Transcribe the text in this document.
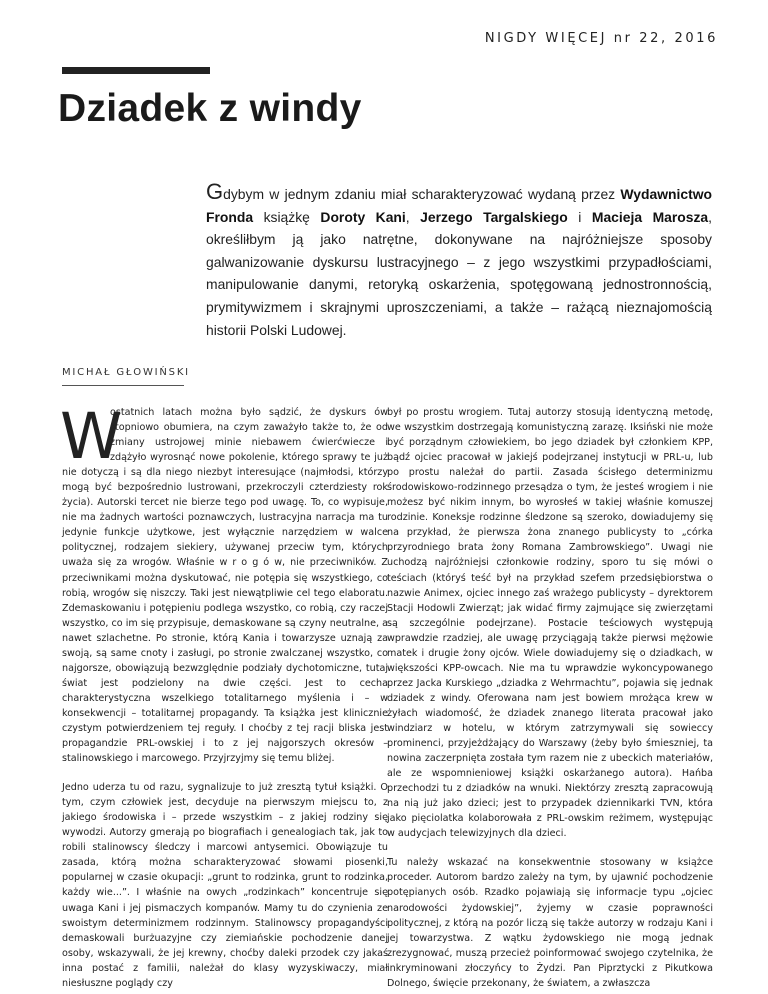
NIGDY WIĘCEJ nr 22, 2016
Dziadek z windy

Gdybym w jednym zdaniu miał scharakteryzować wydaną przez Wydawnictwo Fronda książkę Doroty Kani, Jerzego Targalskiego i Macieja Marosza, określiłbym ją jako natrętne, dokonywane na najróżniejsze sposoby galwanizowanie dyskursu lustracyjnego – z jego wszystkimi przypadłościami, manipulowanie danymi, retoryką oskarżenia, spotęgowaną jednostronnością, prymitywizmem i skrajnymi uproszczeniami, a także – rażącą nieznajomością historii Polski Ludowej.

MICHAŁ GŁOWIŃSKI

W
ostatnich latach można było sądzić, że dyskurs ów stopniowo obumiera, na czym zaważyło także to, że od zmiany ustrojowej minie niebawem ćwierćwiecze i zdążyło wyrosnąć nowe pokolenie, którego sprawy te już nie dotyczą i są dla niego niezbyt interesujące (najmłodsi, którzy mogą być bezpośrednio lustrowani, przekroczyli czterdziesty rok życia). Autorski tercet nie bierze tego pod uwagę. To, co wypisuje, nie ma żadnych wartości poznawczych, lustracyjna narracja ma tu jedynie funkcje użytkowe, jest wyłącznie narzędziem w walce politycznej, rodzajem siekiery, używanej przeciw tym, których uważa się za wrogów. Właśnie w r o g ó w, nie przeciwników. Z przeciwnikami można dyskutować, nie potępia się wszystkiego, co robią, wrogów się niszczy. Taki jest niewątpliwie cel tego elaboratu. Zdemaskowaniu i potępieniu podlega wszystko, co robią, czy raczej wszystko, co im się przypisuje, demaskowane są czyny neutralne, a nawet szlachetne. Po stronie, którą Kania i towarzysze uznają za swoją, są same cnoty i zasługi, po stronie zwalczanej wszystko, co najgorsze, obowiązują bezwzględnie podziały dychotomiczne, tutaj świat jest podzielony na dwie części. Jest to cecha charakterystyczna wszelkiego totalitarnego myślenia i – w konsekwencji – totalitarnej propagandy. Ta książka jest klinicznie czystym potwierdzeniem tej reguły. I choćby z tej racji bliska jest propagandzie PRL-owskiej i to z jej najgorszych okresów – stalinowskiego i marcowego. Przyjrzyjmy się temu bliżej.

Jedno uderza tu od razu, sygnalizuje to już zresztą tytuł książki. O tym, czym człowiek jest, decyduje na pierwszym miejscu to, z jakiego środowiska i – przede wszystkim – z jakiej rodziny się wywodzi. Autorzy gmerają po biografiach i genealogiach tak, jak to robili stalinowscy śledczy i marcowi antysemici. Obowiązuje tu zasada, którą można scharakteryzować słowami piosenki, popularnej w czasie okupacji: „grunt to rodzinka, grunt to rodzinka, każdy wie...”. I właśnie na owych „rodzinkach” koncentruje się uwaga Kani i jej pismaczych kompanów. Mamy tu do czynienia ze swoistym determinizmem rodzinnym. Stalinowscy propagandyści demaskowali burżuazyjne czy ziemiańskie pochodzenie danej osoby, wskazywali, że jej krewny, choćby daleki przodek czy jakaś inna postać z familii, należał do klasy wyzyskiwaczy, miał niesłuszne poglądy czy

był po prostu wrogiem. Tutaj autorzy stosują identyczną metodę, we wszystkim dostrzegają komunistyczną zarazę. Iksiński nie może być porządnym człowiekiem, bo jego dziadek był członkiem KPP, bądź ojciec pracował w jakiejś podejrzanej instytucji w PRL-u, lub po prostu należał do partii. Zasada ścisłego determinizmu środowiskowo-rodzinnego przesądza o tym, że jesteś wrogiem i nie możesz być nikim innym, bo wyrosłeś w takiej właśnie komuszej rodzinie. Koneksje rodzinne śledzone są szeroko, dowiadujemy się na przykład, że pierwsza żona znanego publicysty to „córka przyrodniego brata żony Romana Zambrowskiego”. Uwagi nie uchodzą najróżniejsi członkowie rodziny, sporo tu się mówi o teściach (któryś teść był na przykład szefem przedsiębiorstwa o nazwie Animex, ojciec innego zaś wrażego publicysty – dyrektorem Stacji Hodowli Zwierząt; jak widać firmy zajmujące się zwierzętami są szczególnie podejrzane). Postacie teściowych występują wprawdzie rzadziej, ale uwagę przyciągają także pierwsi mężowie matek i drugie żony ojców. Wiele dowiadujemy się o dziadkach, w większości KPP-owcach. Nie ma tu wprawdzie wykoncypowanego przez Jacka Kurskiego „dziadka z Wehrmachtu”, pojawia się jednak dziadek z windy. Oferowana nam jest bowiem mrożąca krew w żyłach wiadomość, że dziadek znanego literata pracował jako windziarz w hotelu, w którym zatrzymywali się sowieccy prominenci, przyjeżdżający do Warszawy (żeby było śmieszniej, ta nowina zaczerpnięta została tym razem nie z ubeckich materiałów, ale ze wspomnieniowej książki oskarżanego autora). Hańba przechodzi tu z dziadków na wnuki. Niektórzy zresztą zapracowują na nią już jako dzieci; jest to przypadek dziennikarki TVN, która jako pięciolatka kolaborowała z PRL-owskim reżimem, występując w audycjach telewizyjnych dla dzieci.

Tu należy wskazać na konsekwentnie stosowany w książce proceder. Autorom bardzo zależy na tym, by ujawnić pochodzenie potępianych osób. Rzadko pojawiają się informacje typu „ojciec narodowości żydowskiej”, żyjemy w czasie poprawności politycznej, z którą na pozór liczą się także autorzy w rodzaju Kani i jej towarzystwa. Z wątku żydowskiego nie mogą jednak zrezygnować, muszą przecież poinformować swojego czytelnika, że inkryminowani złoczyńcy to Żydzi. Pan Piprztycki z Pikutkowa Dolnego, święcie przekonany, że światem, a zwłaszcza
